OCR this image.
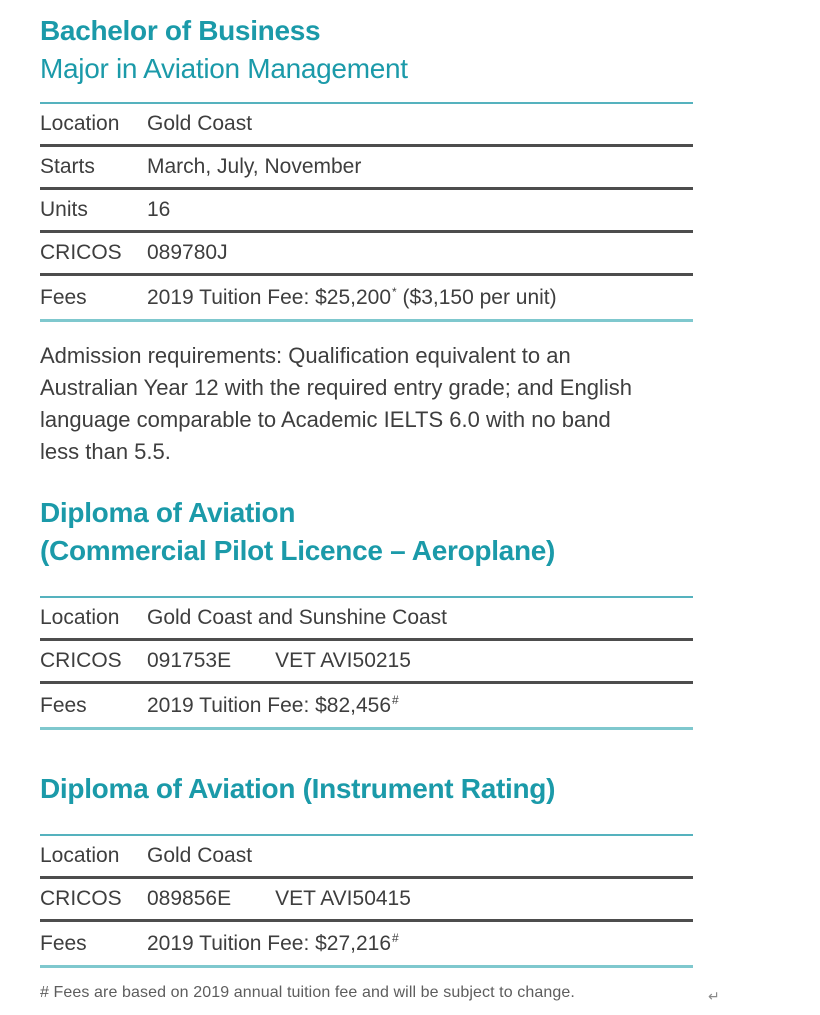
Bachelor of Business
Major in Aviation Management
Location	Gold Coast
Starts	March, July, November
Units	16
CRICOS	089780J
Fees	2019 Tuition Fee: $25,200* ($3,150 per unit)
Admission requirements: Qualification equivalent to an
Australian Year 12 with the required entry grade; and English
language comparable to Academic IELTS 6.0 with no band
less than 5.5.
Diploma of Aviation
(Commercial Pilot Licence – Aeroplane)
Location	Gold Coast and Sunshine Coast
CRICOS	091753E VET AVI50215
Fees	2019 Tuition Fee: $82,456#
Diploma of Aviation (Instrument Rating)
Location	Gold Coast
CRICOS	089856E VET AVI50415
Fees	2019 Tuition Fee: $27,216#
# Fees are based on 2019 annual tuition fee and will be subject to change.	↵
